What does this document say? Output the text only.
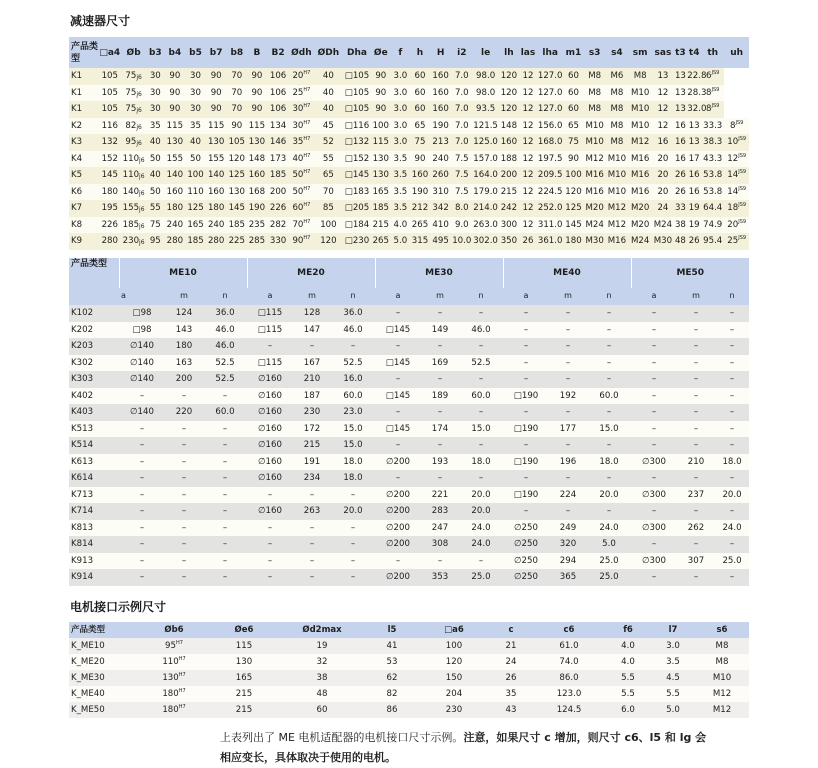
减速器尺寸
产品类型	□a4	Øb	b3	b4	b5	b7	b8	B	B2	Ødh	ØDh	Dha	Øe	f	h	H	i2	le	lh	las	lha	m1	s3	s4	sm	sas	t3	t4	th	uh
K1	105	$75_{j6}$	30	90	30	90	70	90	106	$20^{H7}$	40	□105	90	3.0	60	160	7.0	98.0	120	12	127.0	60	M8	M6	M8	13	13	22.8	$6^{JS9}$
K1	105	$75_{j6}$	30	90	30	90	70	90	106	$25^{H7}$	40	□105	90	3.0	60	160	7.0	98.0	120	12	127.0	60	M8	M8	M10	12	13	28.3	$8^{JS9}$
K1	105	$75_{j6}$	30	90	30	90	70	90	106	$30^{H7}$	40	□105	90	3.0	60	160	7.0	93.5	120	12	127.0	60	M8	M8	M10	12	13	32.0	$8^{JS9}$
K2	116	$82_{j6}$	35	115	35	115	90	115	134	$30^{H7}$	45	□116	100	3.0	65	190	7.0	121.5	148	12	156.0	65	M10	M8	M10	12	16	13	33.3	$8^{JS9}$
K3	132	$95_{j6}$	40	130	40	130	105	130	146	$35^{H7}$	52	□132	115	3.0	75	213	7.0	125.0	160	12	168.0	75	M10	M8	M12	16	16	13	38.3	$10^{JS9}$
K4	152	$110_{j6}$	50	155	50	155	120	148	173	$40^{H7}$	55	□152	130	3.5	90	240	7.5	157.0	188	12	197.5	90	M12	M10	M16	20	16	17	43.3	$12^{JS9}$
K5	145	$110_{j6}$	40	140	100	140	125	160	185	$50^{H7}$	65	□145	130	3.5	160	260	7.5	164.0	200	12	209.5	100	M16	M10	M16	20	26	16	53.8	$14^{JS9}$
K6	180	$140_{j6}$	50	160	110	160	130	168	200	$50^{H7}$	70	□183	165	3.5	190	310	7.5	179.0	215	12	224.5	120	M16	M10	M16	20	26	16	53.8	$14^{JS9}$
K7	195	$155_{j6}$	55	180	125	180	145	190	226	$60^{H7}$	85	□205	185	3.5	212	342	8.0	214.0	242	12	252.0	125	M20	M12	M20	24	33	19	64.4	$18^{JS9}$
K8	226	$185_{j6}$	75	240	165	240	185	235	282	$70^{H7}$	100	□184	215	4.0	265	410	9.0	263.0	300	12	311.0	145	M24	M12	M20	M24	38	19	74.9	$20^{JS9}$
K9	280	$230_{j6}$	95	280	185	280	225	285	330	$90^{H7}$	120	□230	265	5.0	315	495	10.0	302.0	350	26	361.0	180	M30	M16	M24	M30	48	26	95.4	$25^{JS9}$
产品类型	ME10			ME20			ME30			ME40			ME50		
	a	m	n	a	m	n	a	m	n	a	m	n	a	m	n
K102	□98	124	36.0	□115	128	36.0	–	–	–	–	–	–	–	–	–
K202	□98	143	46.0	□115	147	46.0	□145	149	46.0	–	–	–	–	–	–
K203	∅140	180	46.0	–	–	–	–	–	–	–	–	–	–	–	–
K302	∅140	163	52.5	□115	167	52.5	□145	169	52.5	–	–	–	–	–	–
K303	∅140	200	52.5	∅160	210	16.0	–	–	–	–	–	–	–	–	–
K402	–	–	–	∅160	187	60.0	□145	189	60.0	□190	192	60.0	–	–	–
K403	∅140	220	60.0	∅160	230	23.0	–	–	–	–	–	–	–	–	–
K513	–	–	–	∅160	172	15.0	□145	174	15.0	□190	177	15.0	–	–	–
K514	–	–	–	∅160	215	15.0	–	–	–	–	–	–	–	–	–
K613	–	–	–	∅160	191	18.0	∅200	193	18.0	□190	196	18.0	∅300	210	18.0
K614	–	–	–	∅160	234	18.0	–	–	–	–	–	–	–	–	–
K713	–	–	–	–	–	–	∅200	221	20.0	□190	224	20.0	∅300	237	20.0
K714	–	–	–	∅160	263	20.0	∅200	283	20.0	–	–	–	–	–	–
K813	–	–	–	–	–	–	∅200	247	24.0	∅250	249	24.0	∅300	262	24.0
K814	–	–	–	–	–	–	∅200	308	24.0	∅250	320	5.0	–	–	–
K913	–	–	–	–	–	–	–	–	–	∅250	294	25.0	∅300	307	25.0
K914	–	–	–	–	–	–	∅200	353	25.0	∅250	365	25.0	–	–	–
电机接口示例尺寸
产品类型	Øb6	Øe6	Ød2max	l5	□a6	c	c6	f6	l7	s6
K_ME10	$95^{H7}$	115	19	41	100	21	61.0	4.0	3.0	M8
K_ME20	$110^{H7}$	130	32	53	120	24	74.0	4.0	3.5	M8
K_ME30	$130^{H7}$	165	38	62	150	26	86.0	5.5	4.5	M10
K_ME40	$180^{H7}$	215	48	82	204	35	123.0	5.5	5.5	M12
K_ME50	$180^{H7}$	215	60	86	230	43	124.5	6.0	5.0	M12
上表列出了 ME 电机适配器的电机接口尺寸示例。注意，如果尺寸 c 增加，则尺寸 c6、l5 和 lg 会
相应变长，具体取决于使用的电机。
